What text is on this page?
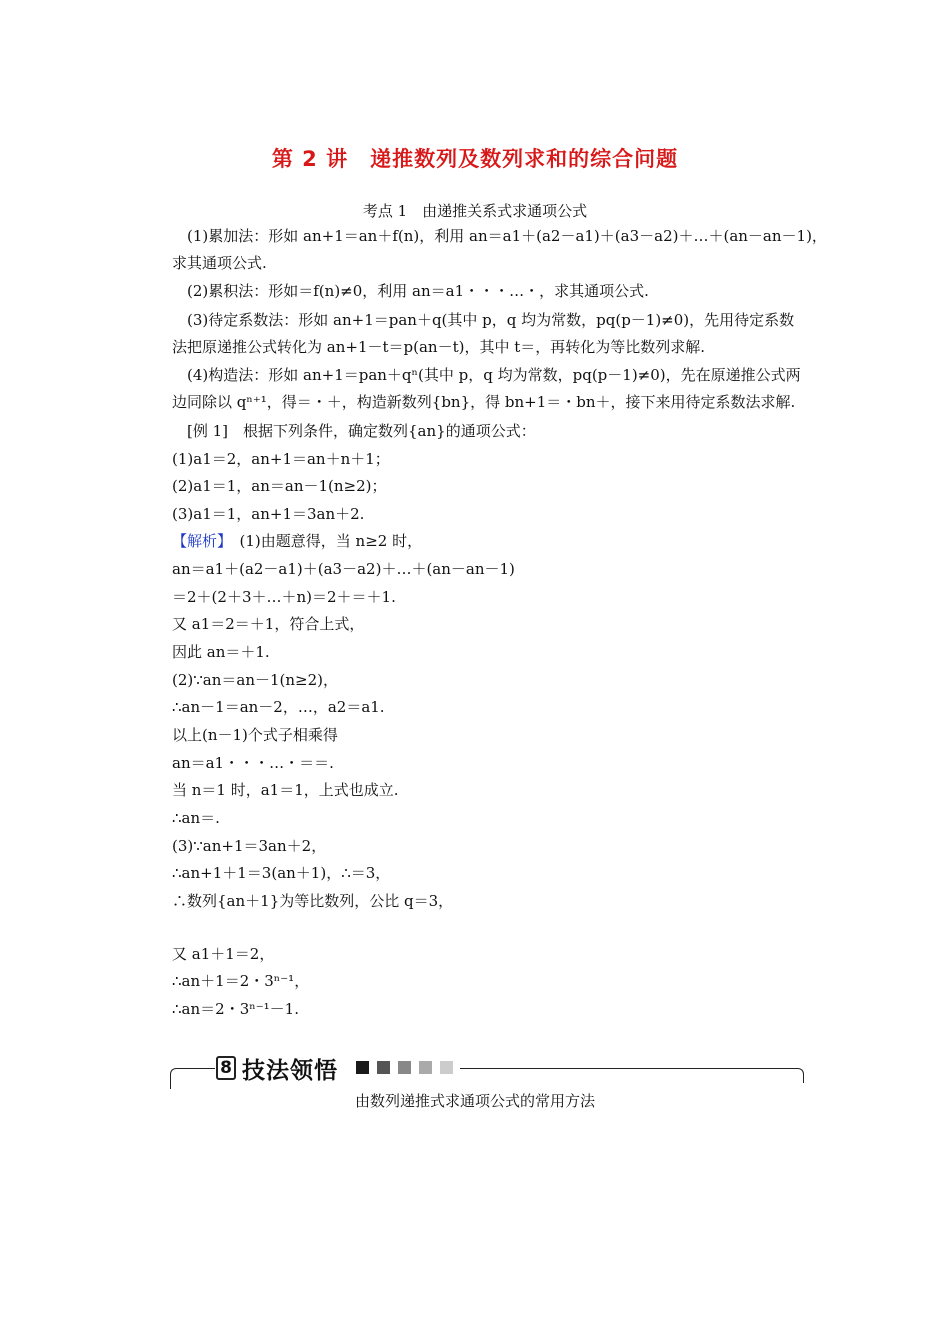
第 2 讲　递推数列及数列求和的综合问题
考点 1　由递推关系式求通项公式
　(1)累加法：形如 an+1＝an＋f(n)，利用 an＝a1＋(a2－a1)＋(a3－a2)＋…＋(an－an－1)，
求其通项公式.
　(2)累积法：形如＝f(n)≠0，利用 an＝a1・・・…・，求其通项公式.
　(3)待定系数法：形如 an+1＝pan＋q(其中 p，q 均为常数，pq(p－1)≠0)，先用待定系数
法把原递推公式转化为 an+1－t＝p(an－t)，其中 t＝，再转化为等比数列求解.
　(4)构造法：形如 an+1＝pan＋qⁿ(其中 p，q 均为常数，pq(p－1)≠0)，先在原递推公式两
边同除以 qⁿ⁺¹，得＝・＋，构造新数列{bn}，得 bn+1＝・bn＋，接下来用待定系数法求解.
　[例 1]　根据下列条件，确定数列{an}的通项公式：
(1)a1＝2，an+1＝an＋n＋1；
(2)a1＝1，an＝an－1(n≥2)；
(3)a1＝1，an+1＝3an＋2.
【解析】　(1)由题意得，当 n≥2 时，
an＝a1＋(a2－a1)＋(a3－a2)＋…＋(an－an－1)
＝2＋(2＋3＋…＋n)＝2＋＝＋1.
又 a1＝2＝＋1，符合上式，
因此 an＝＋1.
(2)∵an＝an－1(n≥2)，
∴an－1＝an－2，…，a2＝a1.
以上(n－1)个式子相乘得
an＝a1・・・…・＝＝.
当 n＝1 时，a1＝1，上式也成立.
∴an＝.
(3)∵an+1＝3an＋2，
∴an+1＋1＝3(an＋1)，∴＝3，
∴数列{an＋1}为等比数列，公比 q＝3，
又 a1＋1＝2，
∴an＋1＝2・3ⁿ⁻¹，
∴an＝2・3ⁿ⁻¹－1.
8 技法领悟
由数列递推式求通项公式的常用方法
